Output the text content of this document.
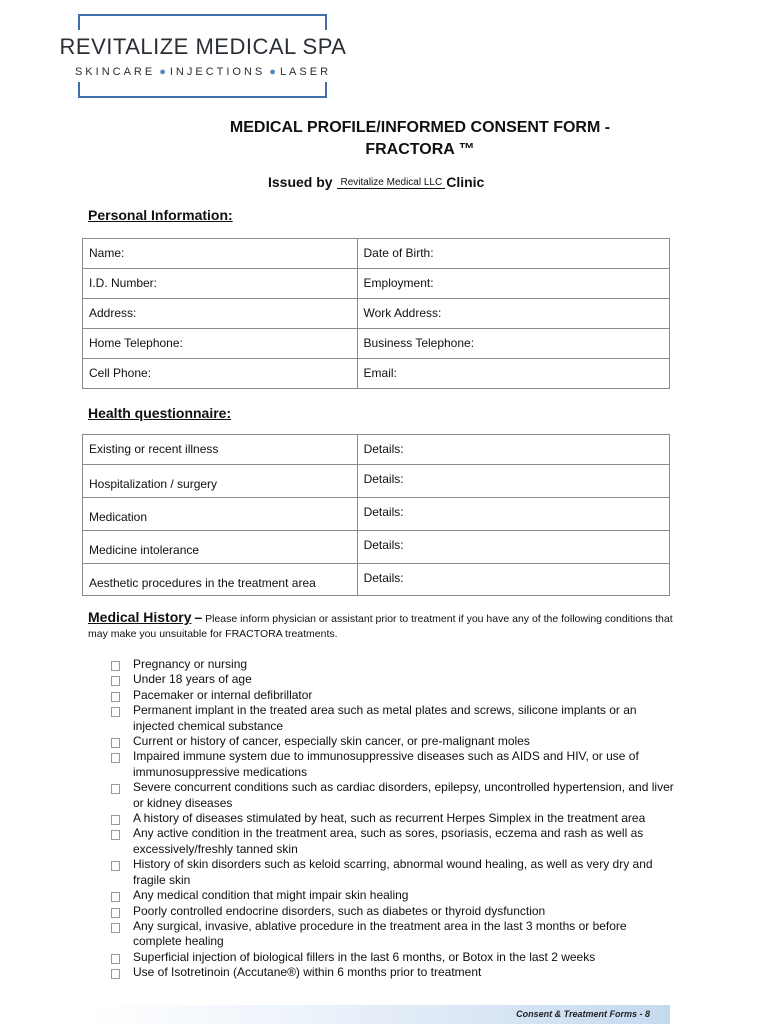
REVITALIZE MEDICAL SPA
SKINCARE ● INJECTIONS ● LASER
MEDICAL PROFILE/INFORMED CONSENT FORM - FRACTORA ™
Issued by Revitalize Medical LLC Clinic
Personal Information:
Name:	Date of Birth:
I.D. Number:	Employment:
Address:	Work Address:
Home Telephone:	Business Telephone:
Cell Phone:	Email:
Health questionnaire:
Existing or recent illness	Details:
Hospitalization / surgery	Details:
Medication	Details:
Medicine intolerance	Details:
Aesthetic procedures in the treatment area	Details:
Medical History – Please inform physician or assistant prior to treatment if you have any of the following conditions that may make you unsuitable for FRACTORA treatments.
Pregnancy or nursing
Under 18 years of age
Pacemaker or internal defibrillator
Permanent implant in the treated area such as metal plates and screws, silicone implants or an injected chemical substance
Current or history of cancer, especially skin cancer, or pre-malignant moles
Impaired immune system due to immunosuppressive diseases such as AIDS and HIV, or use of immunosuppressive medications
Severe concurrent conditions such as cardiac disorders, epilepsy, uncontrolled hypertension, and liver or kidney diseases
A history of diseases stimulated by heat, such as recurrent Herpes Simplex in the treatment area
Any active condition in the treatment area, such as sores, psoriasis, eczema and rash as well as excessively/freshly tanned skin
History of skin disorders such as keloid scarring, abnormal wound healing, as well as very dry and fragile skin
Any medical condition that might impair skin healing
Poorly controlled endocrine disorders, such as diabetes or thyroid dysfunction
Any surgical, invasive, ablative procedure in the treatment area in the last 3 months or before complete healing
Superficial injection of biological fillers in the last 6 months, or Botox in the last 2 weeks
Use of Isotretinoin (Accutane®) within 6 months prior to treatment
Consent & Treatment Forms - 8
